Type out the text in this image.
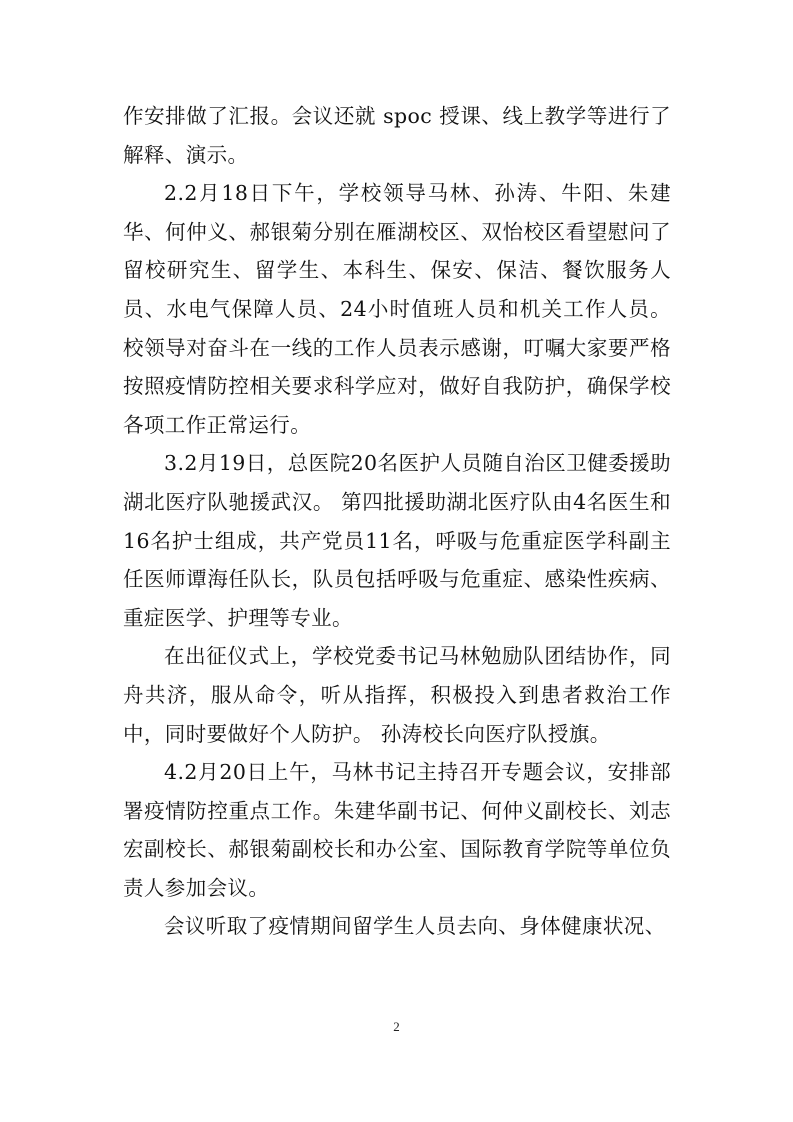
作安排做了汇报。会议还就 spoc 授课、线上教学等进行了解释、演示。

2.2月18日下午，学校领导马林、孙涛、牛阳、朱建华、何仲义、郝银菊分别在雁湖校区、双怡校区看望慰问了留校研究生、留学生、本科生、保安、保洁、餐饮服务人员、水电气保障人员、24小时值班人员和机关工作人员。校领导对奋斗在一线的工作人员表示感谢，叮嘱大家要严格按照疫情防控相关要求科学应对，做好自我防护，确保学校各项工作正常运行。

3.2月19日，总医院20名医护人员随自治区卫健委援助湖北医疗队驰援武汉。 第四批援助湖北医疗队由4名医生和16名护士组成，共产党员11名，呼吸与危重症医学科副主任医师谭海任队长，队员包括呼吸与危重症、感染性疾病、重症医学、护理等专业。

在出征仪式上，学校党委书记马林勉励队团结协作，同舟共济，服从命令，听从指挥，积极投入到患者救治工作中，同时要做好个人防护。 孙涛校长向医疗队授旗。

4.2月20日上午，马林书记主持召开专题会议，安排部署疫情防控重点工作。朱建华副书记、何仲义副校长、刘志宏副校长、郝银菊副校长和办公室、国际教育学院等单位负责人参加会议。

会议听取了疫情期间留学生人员去向、身体健康状况、

2
